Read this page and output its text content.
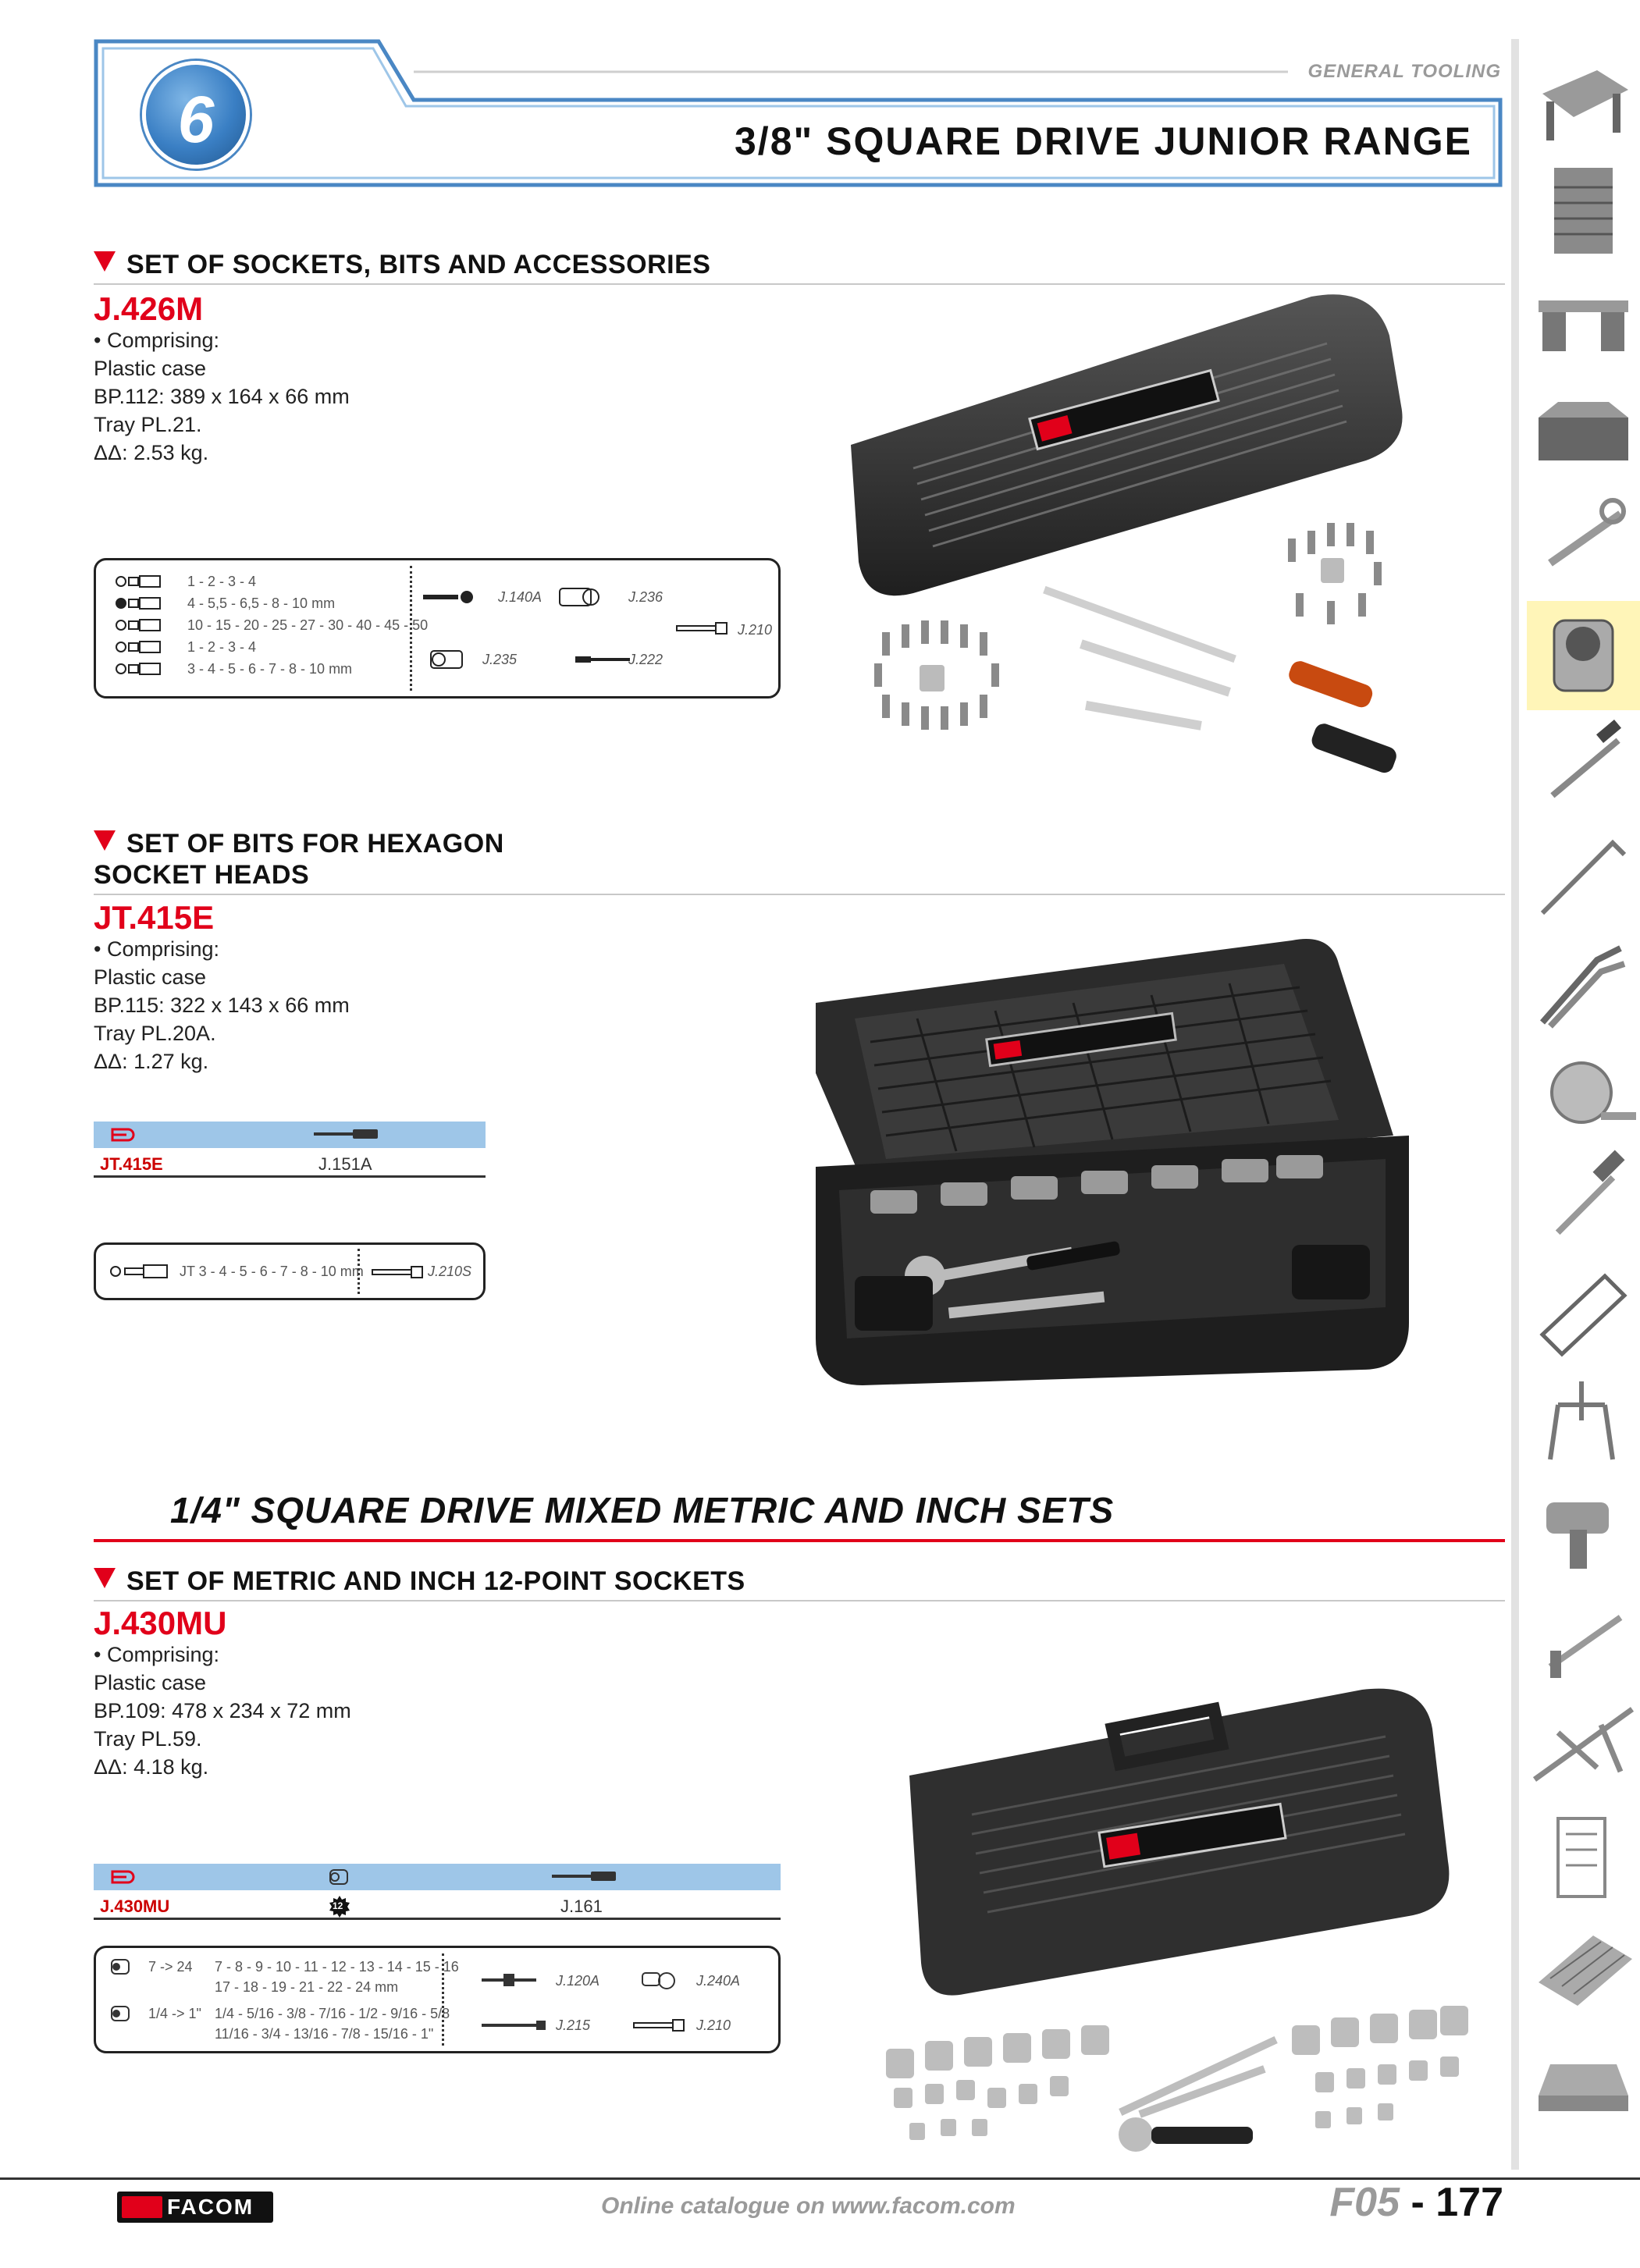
6
GENERAL TOOLING
3/8" SQUARE DRIVE JUNIOR RANGE
SET OF SOCKETS, BITS AND ACCESSORIES
J.426M
• Comprising:
Plastic case
BP.112: 389 x 164 x 66 mm
Tray PL.21.
ΔΔ: 2.53 kg.
1 - 2 - 3 - 4
4 - 5,5 - 6,5 - 8 - 10 mm
10 - 15 - 20 - 25 - 27 - 30 - 40 - 45 - 50
1 - 2 - 3 - 4
3 - 4 - 5 - 6 - 7 - 8 - 10 mm
J.140A	J.236
J.210
J.235	J.222
SET OF BITS FOR HEXAGON
SOCKET HEADS
JT.415E
• Comprising:
Plastic case
BP.115: 322 x 143 x 66 mm
Tray PL.20A.
ΔΔ: 1.27 kg.
JT.415E	J.151A
JT 3 - 4 - 5 - 6 - 7 - 8 - 10 mm	J.210S
1/4" SQUARE DRIVE MIXED METRIC AND INCH SETS
SET OF METRIC AND INCH 12-POINT SOCKETS
J.430MU
• Comprising:
Plastic case
BP.109: 478 x 234 x 72 mm
Tray PL.59.
ΔΔ: 4.18 kg.
J.430MU	12	J.161
7 -> 24 7 - 8 - 9 - 10 - 11 - 12 - 13 - 14 - 15 - 16
17 - 18 - 19 - 21 - 22 - 24 mm
1/4 -> 1" 1/4 - 5/16 - 3/8 - 7/16 - 1/2 - 9/16 - 5/8
11/16 - 3/4 - 13/16 - 7/8 - 15/16 - 1"
J.120A	J.240A
J.215	J.210
FACOM	Online catalogue on www.facom.com	F05 - 177
